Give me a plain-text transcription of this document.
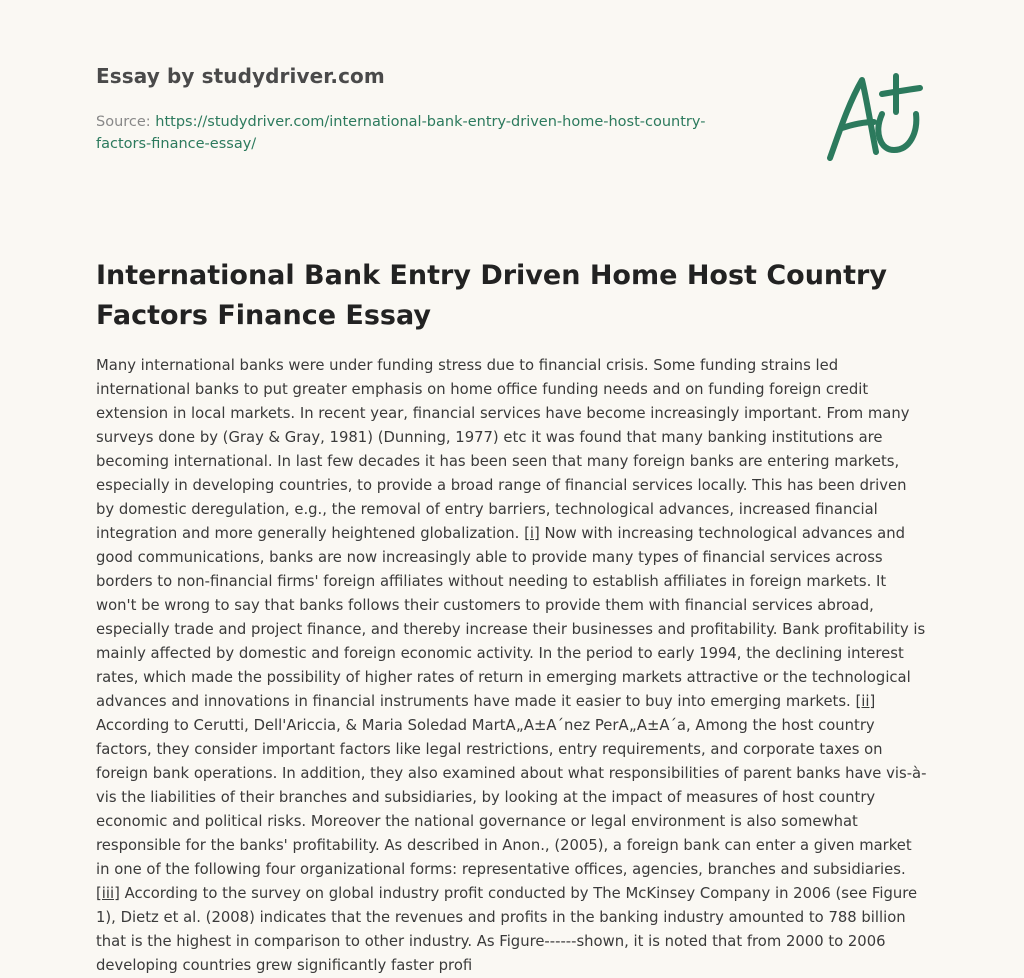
Essay by studydriver.com
Source: https://studydriver.com/international-bank-entry-driven-home-host-country-factors-finance-essay/
International Bank Entry Driven Home Host Country Factors Finance Essay

Many international banks were under funding stress due to financial crisis. Some funding strains led international banks to put greater emphasis on home office funding needs and on funding foreign credit extension in local markets. In recent year, financial services have become increasingly important. From many surveys done by (Gray & Gray, 1981) (Dunning, 1977) etc it was found that many banking institutions are becoming international. In last few decades it has been seen that many foreign banks are entering markets, especially in developing countries, to provide a broad range of financial services locally. This has been driven by domestic deregulation, e.g., the removal of entry barriers, technological advances, increased financial integration and more generally heightened globalization. [i] Now with increasing technological advances and good communications, banks are now increasingly able to provide many types of financial services across borders to non-financial firms' foreign affiliates without needing to establish affiliates in foreign markets. It won't be wrong to say that banks follows their customers to provide them with financial services abroad, especially trade and project finance, and thereby increase their businesses and profitability. Bank profitability is mainly affected by domestic and foreign economic activity. In the period to early 1994, the declining interest rates, which made the possibility of higher rates of return in emerging markets attractive or the technological advances and innovations in financial instruments have made it easier to buy into emerging markets. [ii] According to Cerutti, Dell'Ariccia, & Maria Soledad MartA„A±A´nez PerA„A±A´a, Among the host country factors, they consider important factors like legal restrictions, entry requirements, and corporate taxes on foreign bank operations. In addition, they also examined about what responsibilities of parent banks have vis-à-vis the liabilities of their branches and subsidiaries, by looking at the impact of measures of host country economic and political risks. Moreover the national governance or legal environment is also somewhat responsible for the banks' profitability. As described in Anon., (2005), a foreign bank can enter a given market in one of the following four organizational forms: representative offices, agencies, branches and subsidiaries. [iii] According to the survey on global industry profit conducted by The McKinsey Company in 2006 (see Figure 1), Dietz et al. (2008) indicates that the revenues and profits in the banking industry amounted to 788 billion that is the highest in comparison to other industry. As Figure------shown, it is noted that from 2000 to 2006 developing countries grew significantly faster profi
